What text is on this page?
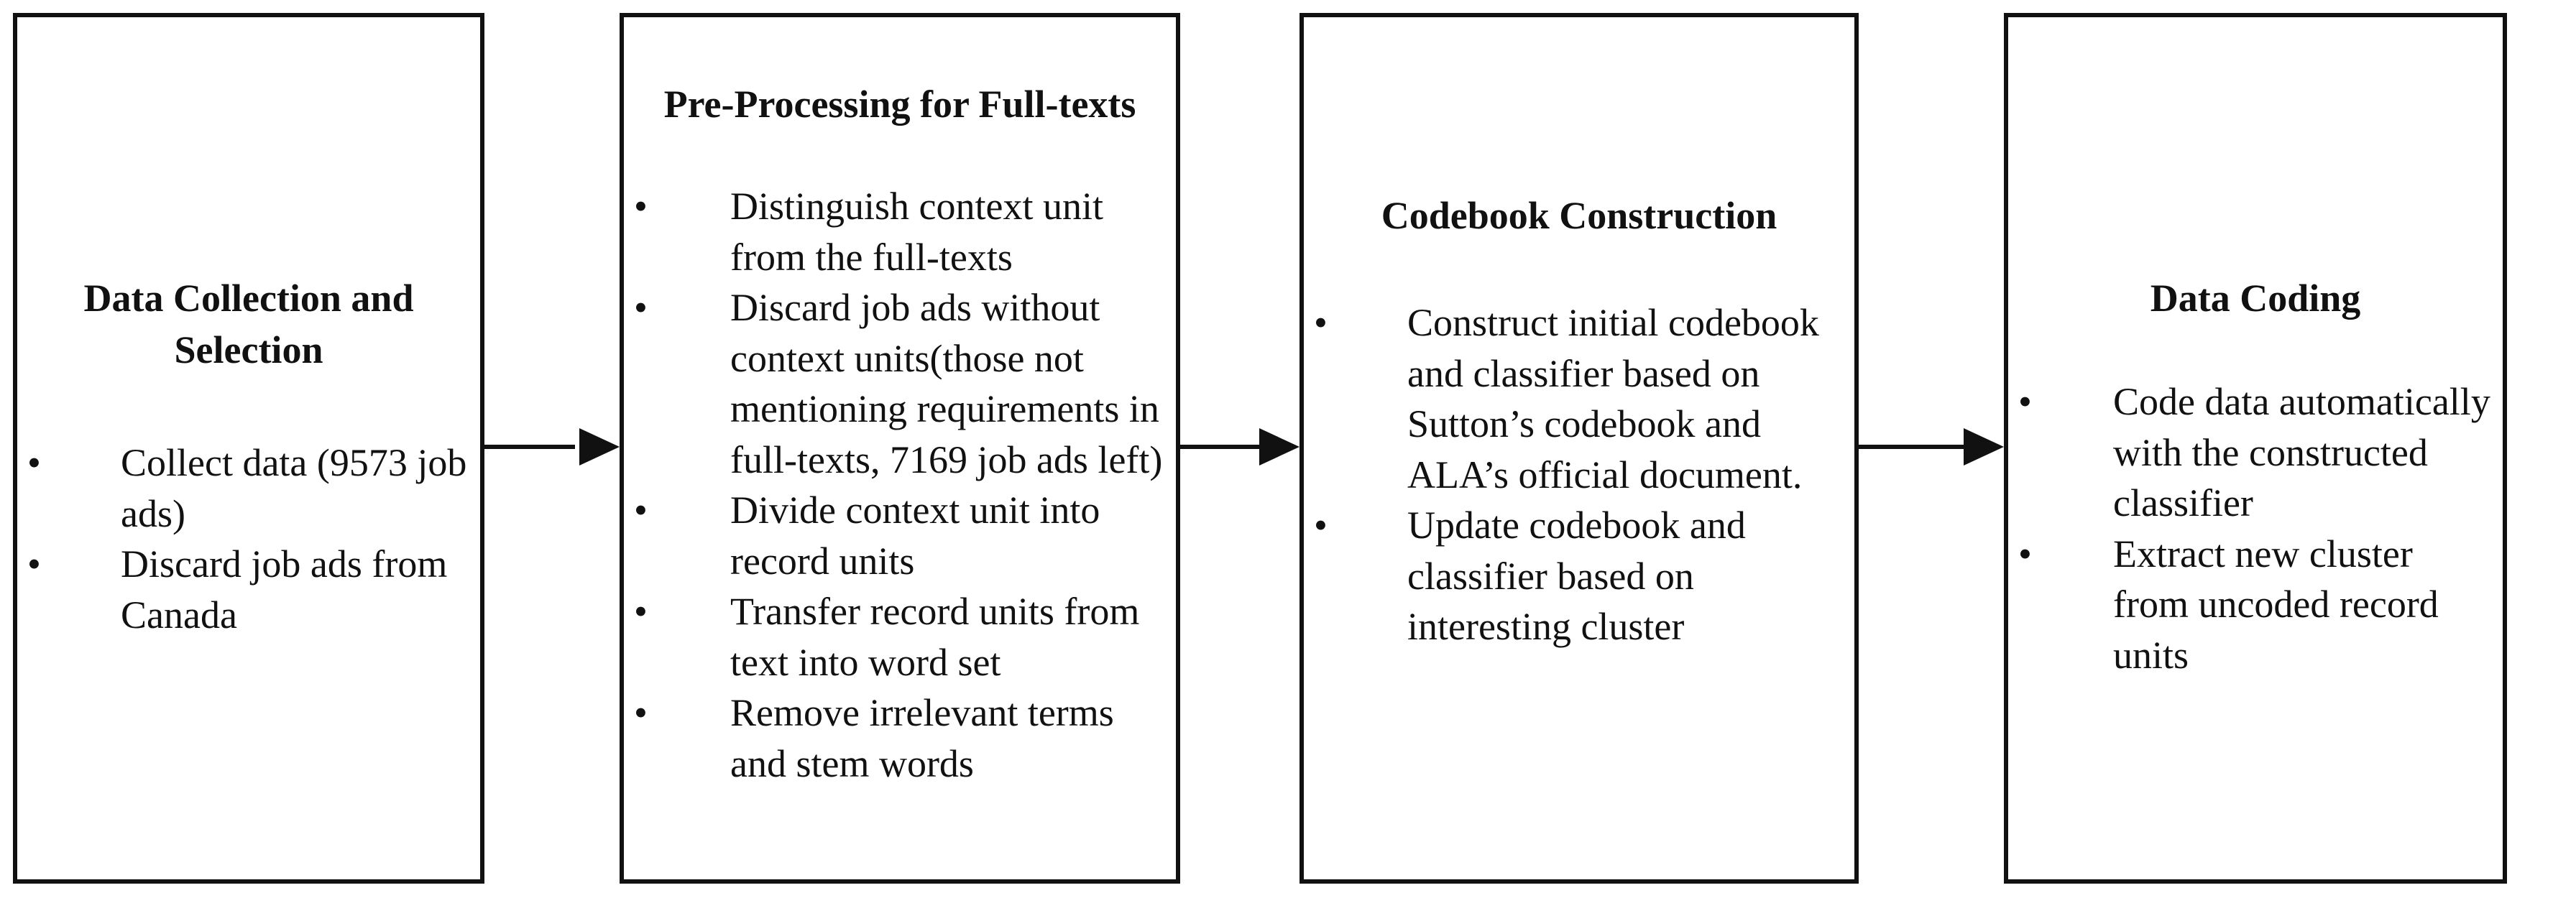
Data Collection and Selection
• Collect data (9573 job ads)
• Discard job ads from Canada
Pre-Processing for Full-texts
• Distinguish context unit from the full-texts
• Discard job ads without context units(those not mentioning requirements in full-texts, 7169 job ads left)
• Divide context unit into record units
• Transfer record units from text into word set
• Remove irrelevant terms and stem words
Codebook Construction
• Construct initial codebook and classifier based on Sutton’s codebook and ALA’s official document.
• Update codebook and classifier based on interesting cluster
Data Coding
• Code data automatically with the constructed classifier
• Extract new cluster from uncoded record units
